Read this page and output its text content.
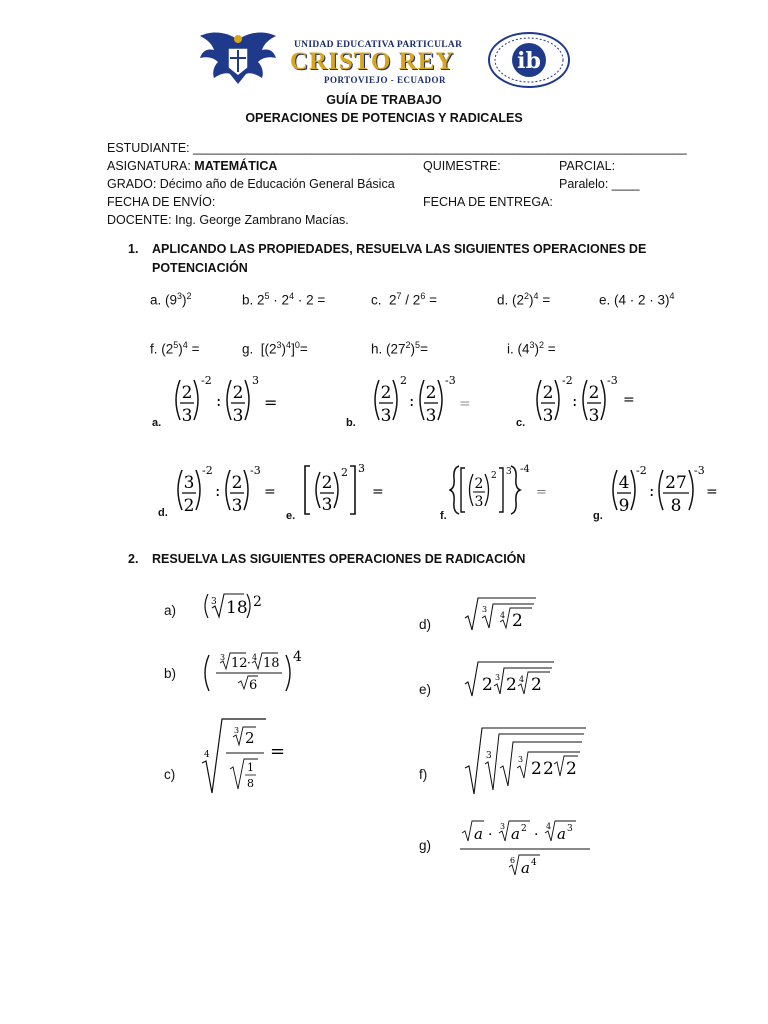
UNIDAD EDUCATIVA PARTICULAR
CRISTO REY
PORTOVIEJO - ECUADOR
ib
GUÍA DE TRABAJO
OPERACIONES DE POTENCIAS Y RADICALES
ESTUDIANTE: _______________________________________________________________________
ASIGNATURA: MATEMÁTICA	QUIMESTRE:	PARCIAL:
GRADO: Décimo año de Educación General Básica	Paralelo: ____
FECHA DE ENVÍO:	FECHA DE ENTREGA:
DOCENTE: Ing. George Zambrano Macías.
1. APLICANDO LAS PROPIEDADES, RESUELVA LAS SIGUIENTES OPERACIONES DE
POTENCIACIÓN
a. $(9^3)^2$	b. $2^5 \cdot 2^4 \cdot 2$ =	c.  $2^7 / 2^6$ =	d. $(2^2)^4$ =	e. $(4 \cdot 2 \cdot 3)^4$
f. $(2^5)^4$ =	g.  $[(2^3)^4]^0=$	h. $(27^2)^5=$	i. $(4^3)^2$ =
a.
2
3
-2
: 2
3
3
=
b.
2
3
2
: 2
3
-3
=
c.
2
3
-2
: 2
3
-3
=
d.
3
2
-2
: 2
3
-3
=
e.
2
3
2 3
=
f.
2
3
2 3 -4
=
g.
4
9
-2
: 27
8
-3
=
2. RESUELVA LAS SIGUIENTES OPERACIONES DE RADICACIÓN
a)
3 18 2
b)
3 12 · 4 18
6
4
c)
4
3 2
1
8
=
d)
3
4 2
e)	2 3 2 4 2
f)
3	3 2 2 2
g)
a ·
3 a 2 ·
4 a 3
6 a 4
